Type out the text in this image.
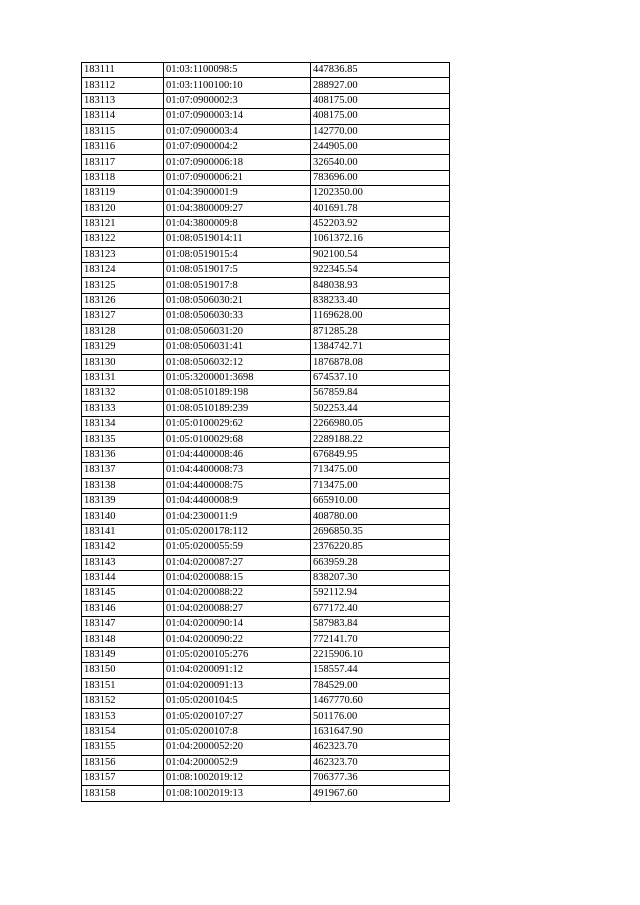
183111	01:03:1100098:5	447836.85
183112	01:03:1100100:10	288927.00
183113	01:07:0900002:3	408175.00
183114	01:07:0900003:14	408175.00
183115	01:07:0900003:4	142770.00
183116	01:07:0900004:2	244905.00
183117	01:07:0900006:18	326540.00
183118	01:07:0900006:21	783696.00
183119	01:04:3900001:9	1202350.00
183120	01:04:3800009:27	401691.78
183121	01:04:3800009:8	452203.92
183122	01:08:0519014:11	1061372.16
183123	01:08:0519015:4	902100.54
183124	01:08:0519017:5	922345.54
183125	01:08:0519017:8	848038.93
183126	01:08:0506030:21	838233.40
183127	01:08:0506030:33	1169628.00
183128	01:08:0506031:20	871285.28
183129	01:08:0506031:41	1384742.71
183130	01:08:0506032:12	1876878.08
183131	01:05:3200001:3698	674537.10
183132	01:08:0510189:198	567859.84
183133	01:08:0510189:239	502253.44
183134	01:05:0100029:62	2266980.05
183135	01:05:0100029:68	2289188.22
183136	01:04:4400008:46	676849.95
183137	01:04:4400008:73	713475.00
183138	01:04:4400008:75	713475.00
183139	01:04:4400008:9	665910.00
183140	01:04:2300011:9	408780.00
183141	01:05:0200178:112	2696850.35
183142	01:05:0200055:59	2376220.85
183143	01:04:0200087:27	663959.28
183144	01:04:0200088:15	838207.30
183145	01:04:0200088:22	592112.94
183146	01:04:0200088:27	677172.40
183147	01:04:0200090:14	587983.84
183148	01:04:0200090:22	772141.70
183149	01:05:0200105:276	2215906.10
183150	01:04:0200091:12	158557.44
183151	01:04:0200091:13	784529.00
183152	01:05:0200104:5	1467770.60
183153	01:05:0200107:27	501176.00
183154	01:05:0200107:8	1631647.90
183155	01:04:2000052:20	462323.70
183156	01:04:2000052:9	462323.70
183157	01:08:1002019:12	706377.36
183158	01:08:1002019:13	491967.60
